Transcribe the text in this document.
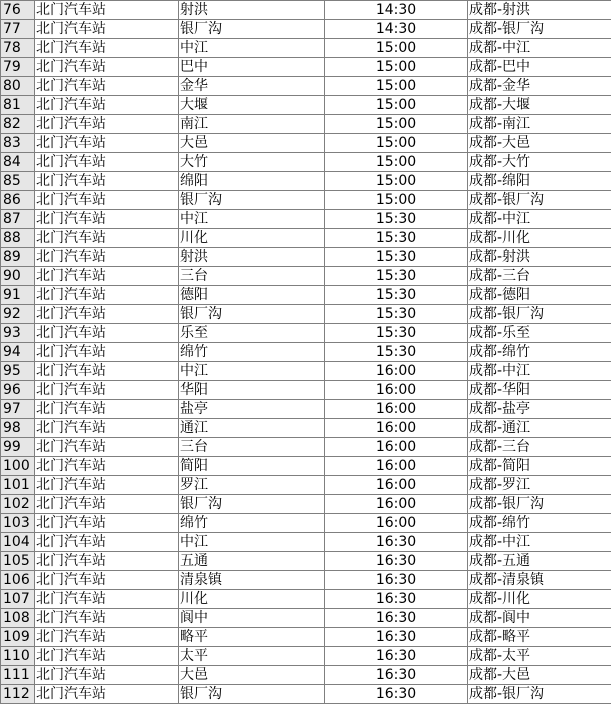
76	北门汽车站	射洪	14:30	成都-射洪
77	北门汽车站	银厂沟	14:30	成都-银厂沟
78	北门汽车站	中江	15:00	成都-中江
79	北门汽车站	巴中	15:00	成都-巴中
80	北门汽车站	金华	15:00	成都-金华
81	北门汽车站	大堰	15:00	成都-大堰
82	北门汽车站	南江	15:00	成都-南江
83	北门汽车站	大邑	15:00	成都-大邑
84	北门汽车站	大竹	15:00	成都-大竹
85	北门汽车站	绵阳	15:00	成都-绵阳
86	北门汽车站	银厂沟	15:00	成都-银厂沟
87	北门汽车站	中江	15:30	成都-中江
88	北门汽车站	川化	15:30	成都-川化
89	北门汽车站	射洪	15:30	成都-射洪
90	北门汽车站	三台	15:30	成都-三台
91	北门汽车站	德阳	15:30	成都-德阳
92	北门汽车站	银厂沟	15:30	成都-银厂沟
93	北门汽车站	乐至	15:30	成都-乐至
94	北门汽车站	绵竹	15:30	成都-绵竹
95	北门汽车站	中江	16:00	成都-中江
96	北门汽车站	华阳	16:00	成都-华阳
97	北门汽车站	盐亭	16:00	成都-盐亭
98	北门汽车站	通江	16:00	成都-通江
99	北门汽车站	三台	16:00	成都-三台
100	北门汽车站	简阳	16:00	成都-简阳
101	北门汽车站	罗江	16:00	成都-罗江
102	北门汽车站	银厂沟	16:00	成都-银厂沟
103	北门汽车站	绵竹	16:00	成都-绵竹
104	北门汽车站	中江	16:30	成都-中江
105	北门汽车站	五通	16:30	成都-五通
106	北门汽车站	清泉镇	16:30	成都-清泉镇
107	北门汽车站	川化	16:30	成都-川化
108	北门汽车站	阆中	16:30	成都-阆中
109	北门汽车站	略平	16:30	成都-略平
110	北门汽车站	太平	16:30	成都-太平
111	北门汽车站	大邑	16:30	成都-大邑
112	北门汽车站	银厂沟	16:30	成都-银厂沟
